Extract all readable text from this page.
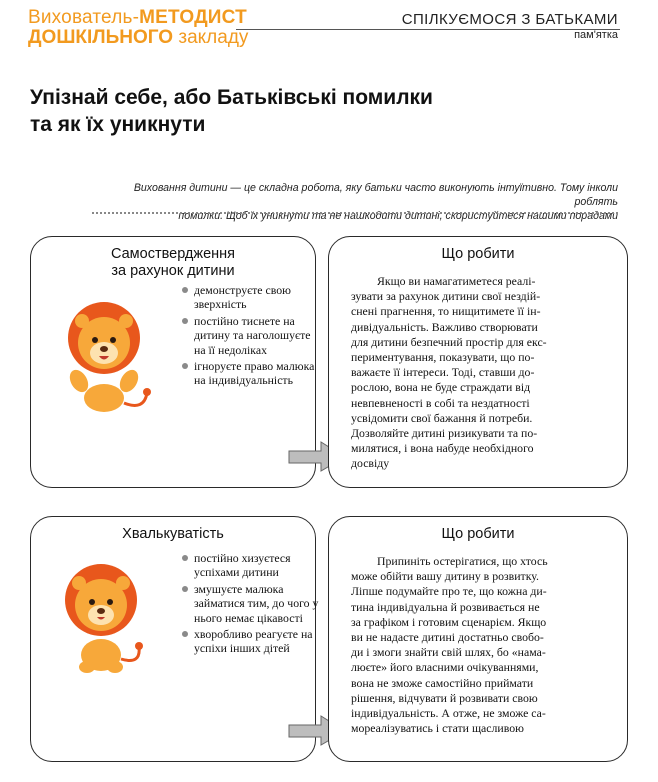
Вихователь-МЕТОДИСТ
ДОШКІЛЬНОГО закладу
СПІЛКУЄМОСЯ З БАТЬКАМИ
пам'ятка
Упізнай себе, або Батьківські помилки
та як їх уникнути
Виховання дитини — це складна робота, яку батьки часто виконують інтуїтивно. Тому інколи роблять
помилки. Щоб їх уникнути та не нашкодити дитині, скористуйтеся нашими порадами
Самоствердження
за рахунок дитини
демонструєте свою зверхність
постійно тиснете на дитину та наголошуєте на її недоліках
ігноруєте право малюка на індивідуальність
Що робити
Якщо ви намагатиметеся реалі-
зувати за рахунок дитини свої нездій-
снені прагнення, то нищитимете її ін-
дивідуальність. Важливо створювати
для дитини безпечний простір для екс-
периментування, показувати, що по-
важаєте її інтереси. Тоді, ставши до-
рослою, вона не буде страждати від
невпевненості в собі та нездатності
усвідомити свої бажання й потреби.
Дозволяйте дитині ризикувати та по-
милятися, і вона набуде необхідного
досвіду
Хвалькуватість
постійно хизуєтеся успіхами дитини
змушуєте малюка займатися тим, до чого у нього немає цікавості
хворобливо реагуєте на успіхи інших дітей
Що робити
Припиніть остерігатися, що хтось
може обійти вашу дитину в розвитку.
Ліпше подумайте про те, що кожна ди-
тина індивідуальна й розвивається не
за графіком і готовим сценарієм. Якщо
ви не надасте дитині достатньо свобо-
ди і змоги знайти свій шлях, бо «нама-
люєте» його власними очікуваннями,
вона не зможе самостійно приймати
рішення, відчувати й розвивати свою
індивідуальність. А отже, не зможе са-
мореалізуватись і стати щасливою
